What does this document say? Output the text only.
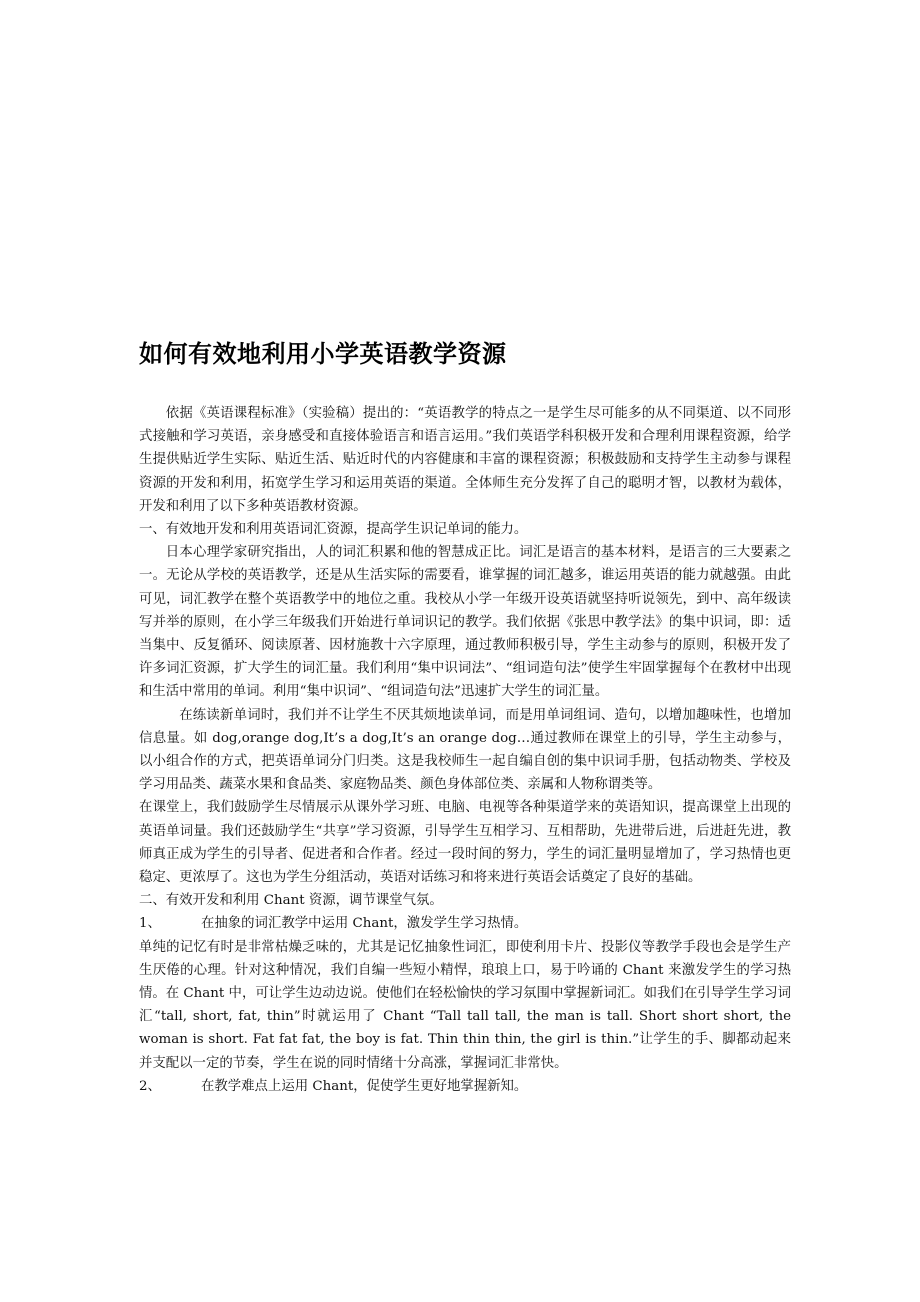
如何有效地利用小学英语教学资源

依据《英语课程标准》（实验稿）提出的：“英语教学的特点之一是学生尽可能多的从不同渠道、以不同形式接触和学习英语，亲身感受和直接体验语言和语言运用。”我们英语学科积极开发和合理利用课程资源，给学生提供贴近学生实际、贴近生活、贴近时代的内容健康和丰富的课程资源；积极鼓励和支持学生主动参与课程资源的开发和利用，拓宽学生学习和运用英语的渠道。全体师生充分发挥了自己的聪明才智，以教材为载体，开发和利用了以下多种英语教材资源。

一、有效地开发和利用英语词汇资源，提高学生识记单词的能力。

日本心理学家研究指出，人的词汇积累和他的智慧成正比。词汇是语言的基本材料，是语言的三大要素之一。无论从学校的英语教学，还是从生活实际的需要看，谁掌握的词汇越多，谁运用英语的能力就越强。由此可见，词汇教学在整个英语教学中的地位之重。我校从小学一年级开设英语就坚持听说领先，到中、高年级读写并举的原则，在小学三年级我们开始进行单词识记的教学。我们依据《张思中教学法》的集中识词，即：适当集中、反复循环、阅读原著、因材施教十六字原理，通过教师积极引导，学生主动参与的原则，积极开发了许多词汇资源，扩大学生的词汇量。我们利用“集中识词法”、“组词造句法”使学生牢固掌握每个在教材中出现和生活中常用的单词。利用“集中识词”、“组词造句法”迅速扩大学生的词汇量。

在练读新单词时，我们并不让学生不厌其烦地读单词，而是用单词组词、造句，以增加趣味性，也增加信息量。如 dog,orange dog,It’s a dog,It’s an orange dog…通过教师在课堂上的引导，学生主动参与，以小组合作的方式，把英语单词分门归类。这是我校师生一起自编自创的集中识词手册，包括动物类、学校及学习用品类、蔬菜水果和食品类、家庭物品类、颜色身体部位类、亲属和人物称谓类等。

在课堂上，我们鼓励学生尽情展示从课外学习班、电脑、电视等各种渠道学来的英语知识，提高课堂上出现的英语单词量。我们还鼓励学生“共享”学习资源，引导学生互相学习、互相帮助，先进带后进，后进赶先进，教师真正成为学生的引导者、促进者和合作者。经过一段时间的努力，学生的词汇量明显增加了，学习热情也更稳定、更浓厚了。这也为学生分组活动，英语对话练习和将来进行英语会话奠定了良好的基础。

二、有效开发和利用 Chant 资源，调节课堂气氛。

1、	在抽象的词汇教学中运用 Chant，激发学生学习热情。

单纯的记忆有时是非常枯燥乏味的，尤其是记忆抽象性词汇，即使利用卡片、投影仪等教学手段也会是学生产生厌倦的心理。针对这种情况，我们自编一些短小精悍，琅琅上口，易于吟诵的 Chant 来激发学生的学习热情。在 Chant 中，可让学生边动边说。使他们在轻松愉快的学习氛围中掌握新词汇。如我们在引导学生学习词汇“tall, short, fat, thin”时就运用了 Chant “Tall tall tall, the man is tall. Short short short, the woman is short. Fat fat fat, the boy is fat. Thin thin thin, the girl is thin.”让学生的手、脚都动起来并支配以一定的节奏，学生在说的同时情绪十分高涨，掌握词汇非常快。

2、	在教学难点上运用 Chant，促使学生更好地掌握新知。
